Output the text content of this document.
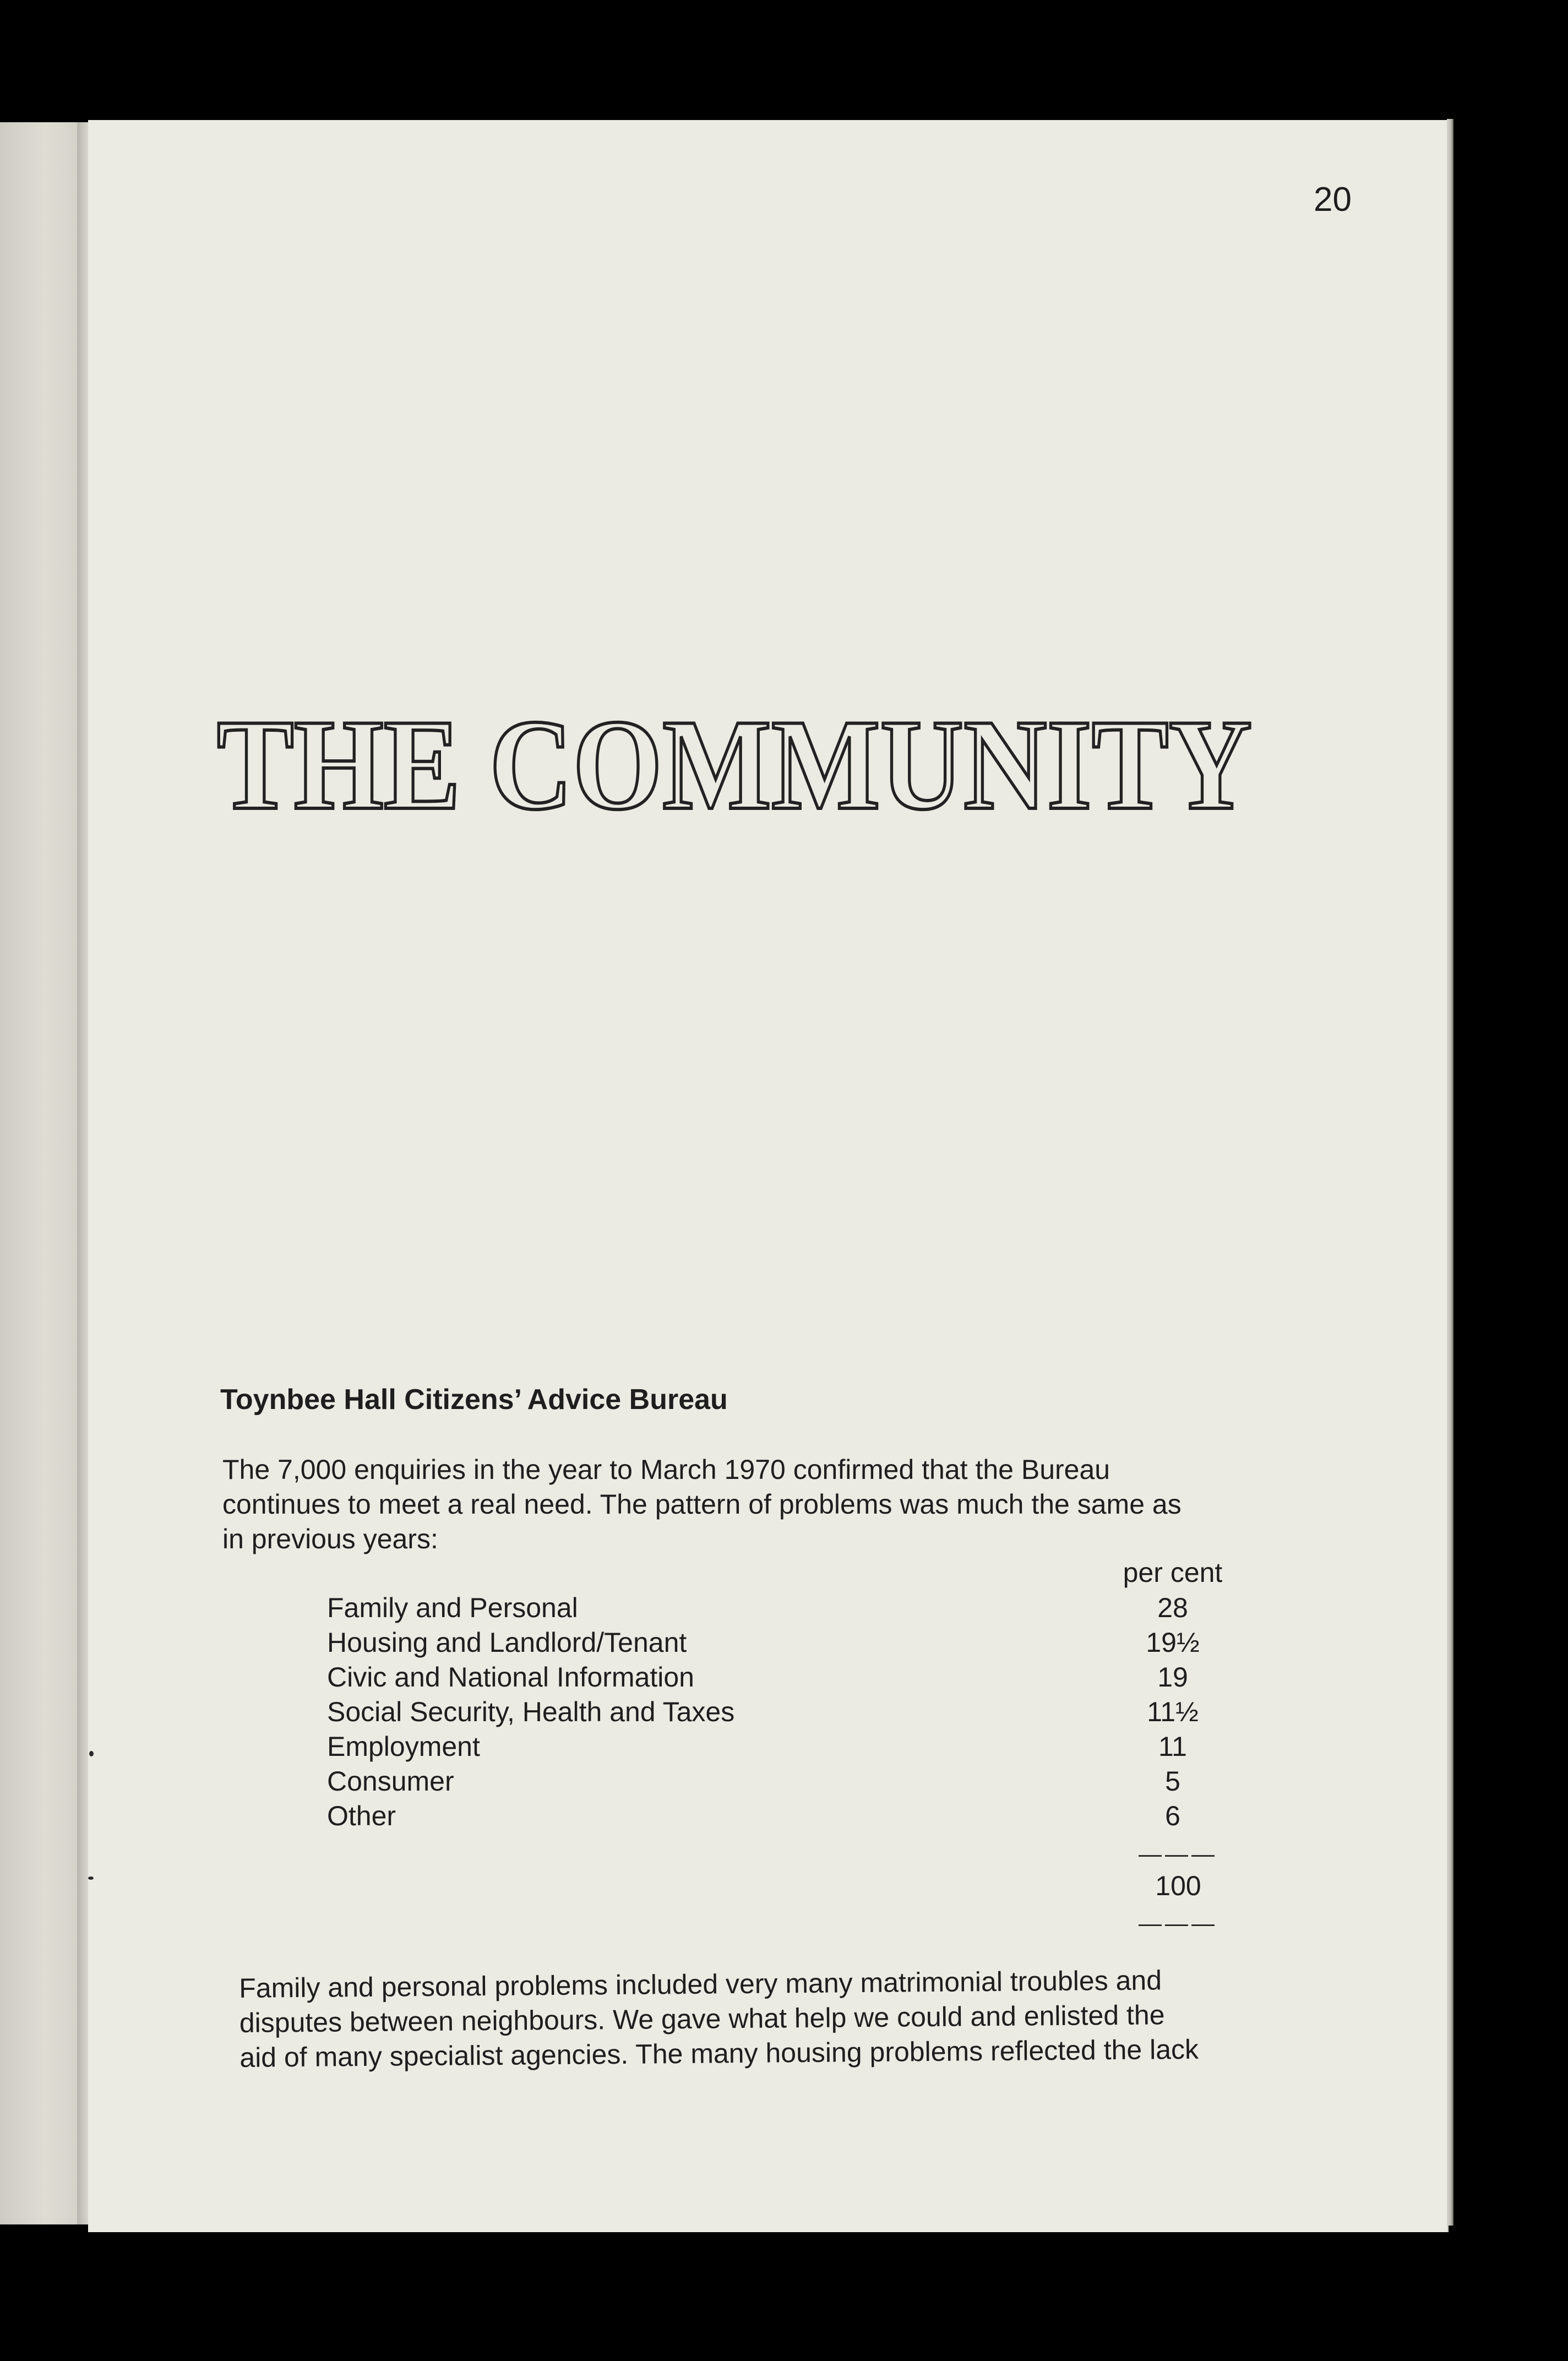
20
THE COMMUNITY
Toynbee Hall Citizens’ Advice Bureau
The 7,000 enquiries in the year to March 1970 confirmed that the Bureau
continues to meet a real need. The pattern of problems was much the same as
in previous years:
per cent
Family and Personal	28
Housing and Landlord/Tenant	19½
Civic and National Information	19
Social Security, Health and Taxes	11½
Employment	11
Consumer	5
Other	6
———
100
———
Family and personal problems included very many matrimonial troubles and
disputes between neighbours. We gave what help we could and enlisted the
aid of many specialist agencies. The many housing problems reflected the lack
